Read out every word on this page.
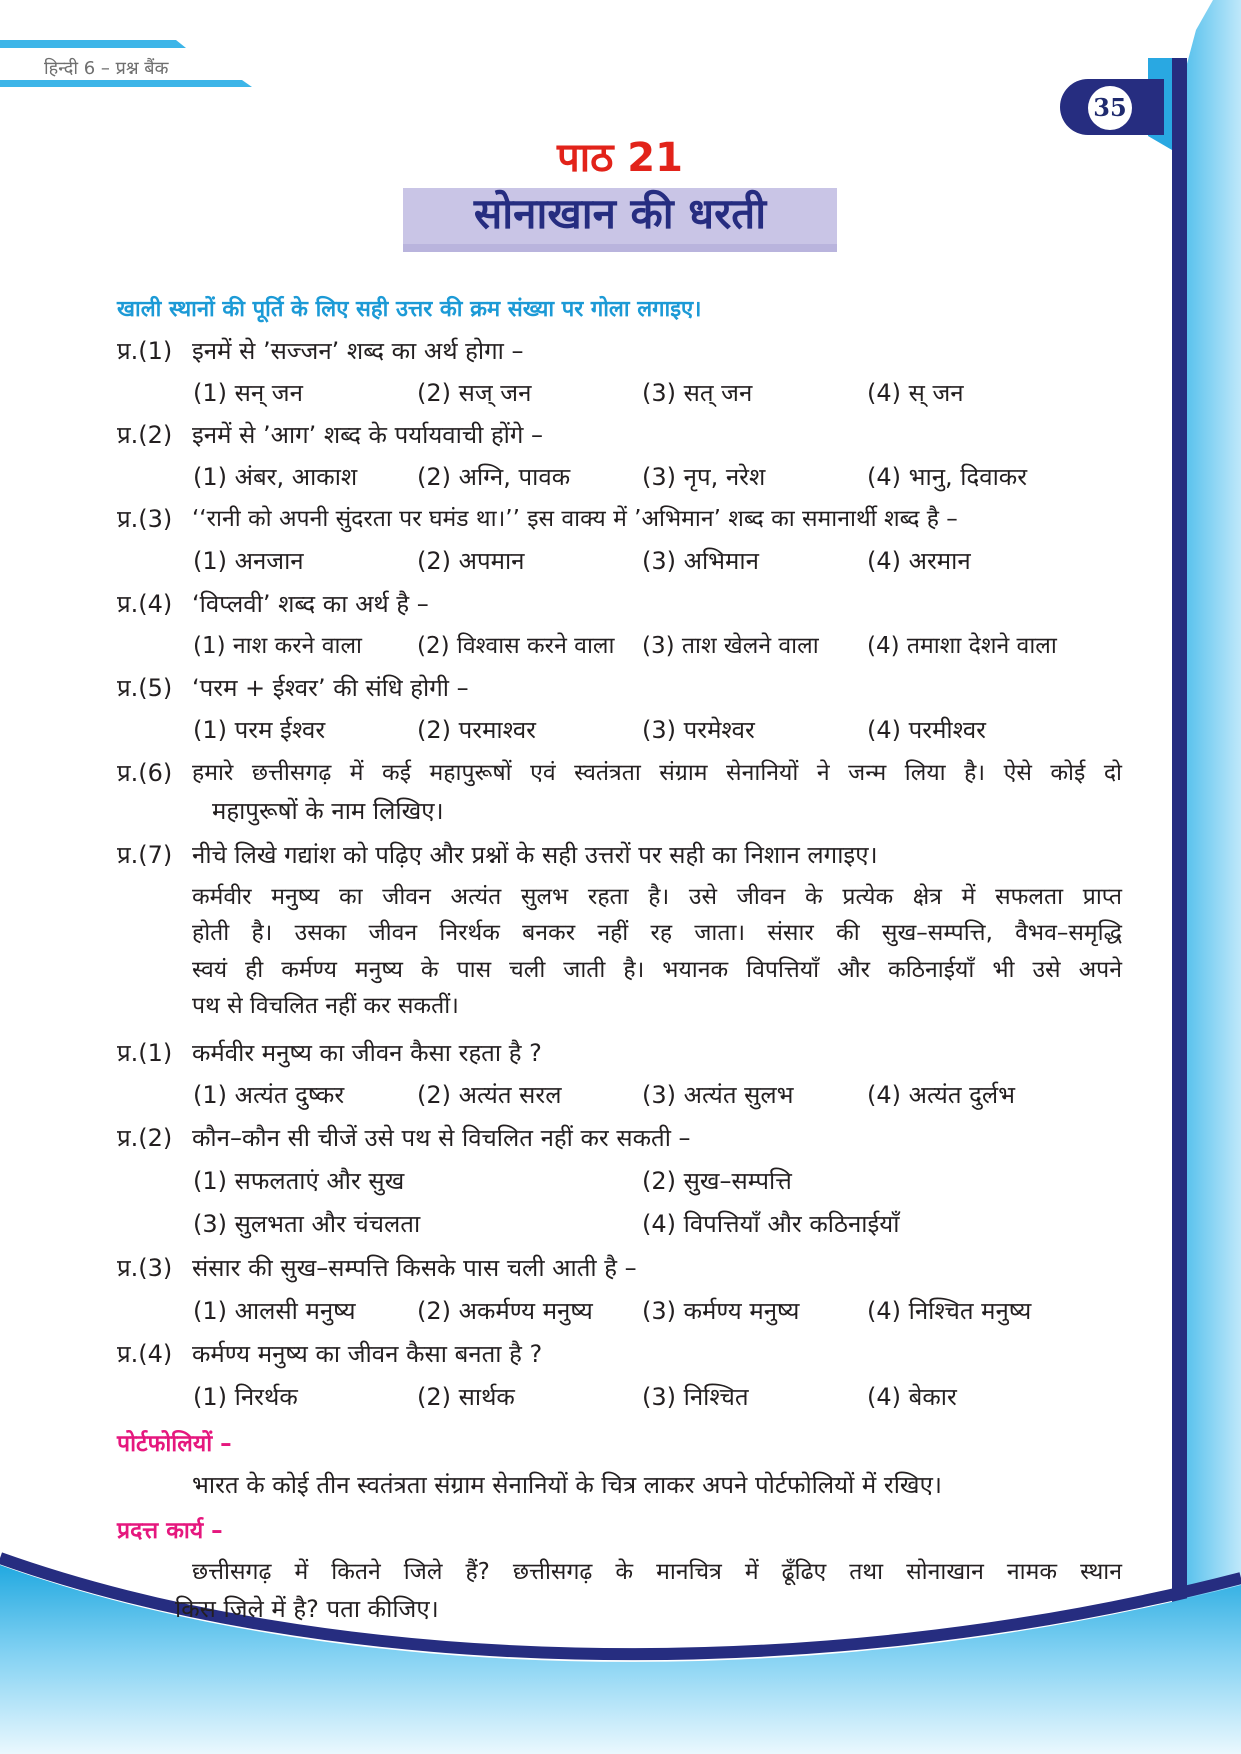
हिन्दी 6 – प्रश्न बैंक
35
पाठ 21
सोनाखान की धरती
खाली स्थानों की पूर्ति के लिए सही उत्तर की क्रम संख्या पर गोला लगाइए।
प्र.(1) इनमें से ’सज्जन’ शब्द का अर्थ होगा –
(1) सन् जन	(2) सज् जन	(3) सत् जन	(4) स् जन
प्र.(2) इनमें से ’आग’ शब्द के पर्यायवाची होंगे –
(1) अंबर, आकाश (2) अग्नि, पावक	(3) नृप, नरेश	(4) भानु, दिवाकर
प्र.(3) ‘‘रानी को अपनी सुंदरता पर घमंड था।’’ इस वाक्य में ’अभिमान’ शब्द का समानार्थी शब्द है –
(1) अनजान	(2) अपमान	(3) अभिमान	(4) अरमान
प्र.(4) ‘विप्लवी’ शब्द का अर्थ है –
(1) नाश करने वाला (2) विश्वास करने वाला (3) ताश खेलने वाला (4) तमाशा देशने वाला
प्र.(5) ‘परम + ईश्वर’ की संधि होगी –
(1) परम ईश्वर	(2) परमाश्वर	(3) परमेश्वर	(4) परमीश्वर
प्र.(6) हमारे छत्तीसगढ़ में कई महापुरूषों एवं स्वतंत्रता संग्राम सेनानियों ने जन्म लिया है। ऐसे कोई दो
महापुरूषों के नाम लिखिए।
प्र.(7) नीचे लिखे गद्यांश को पढ़िए और प्रश्नों के सही उत्तरों पर सही का निशान लगाइए।
कर्मवीर मनुष्य का जीवन अत्यंत सुलभ रहता है। उसे जीवन के प्रत्येक क्षेत्र में सफलता प्राप्त
होती है। उसका जीवन निरर्थक बनकर नहीं रह जाता। संसार की सुख–सम्पत्ति, वैभव–समृद्धि
स्वयं ही कर्मण्य मनुष्य के पास चली जाती है। भयानक विपत्तियाँ और कठिनाईयाँ भी उसे अपने
पथ से विचलित नहीं कर सकतीं।
प्र.(1) कर्मवीर मनुष्य का जीवन कैसा रहता है ?
(1) अत्यंत दुष्कर	(2) अत्यंत सरल	(3) अत्यंत सुलभ	(4) अत्यंत दुर्लभ
प्र.(2) कौन–कौन सी चीजें उसे पथ से विचलित नहीं कर सकती –
(1) सफलताएं और सुख	(2) सुख–सम्पत्ति
(3) सुलभता और चंचलता	(4) विपत्तियाँ और कठिनाईयाँ
प्र.(3) संसार की सुख–सम्पत्ति किसके पास चली आती है –
(1) आलसी मनुष्य	(2) अकर्मण्य मनुष्य (3) कर्मण्य मनुष्य	(4) निश्चित मनुष्य
प्र.(4) कर्मण्य मनुष्य का जीवन कैसा बनता है ?
(1) निरर्थक	(2) सार्थक	(3) निश्चित	(4) बेकार
पोर्टफोलियों –
भारत के कोई तीन स्वतंत्रता संग्राम सेनानियों के चित्र लाकर अपने पोर्टफोलियों में रखिए।
प्रदत्त कार्य –
छत्तीसगढ़ में कितने जिले हैं? छत्तीसगढ़ के मानचित्र में ढूँढिए तथा सोनाखान नामक स्थान
किस जिले में है? पता कीजिए।
